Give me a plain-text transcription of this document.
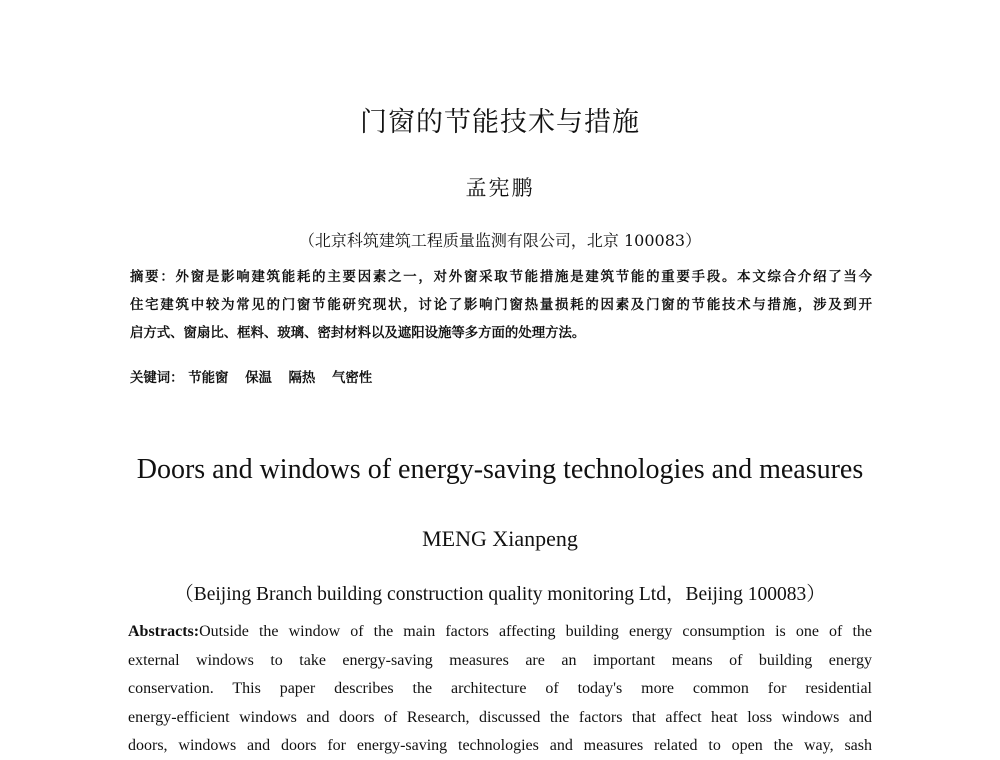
门窗的节能技术与措施
孟宪鹏
（北京科筑建筑工程质量监测有限公司，北京 100083）
摘要：外窗是影响建筑能耗的主要因素之一，对外窗采取节能措施是建筑节能的重要手段。本文综合介绍了当今
住宅建筑中较为常见的门窗节能研究现状，讨论了影响门窗热量损耗的因素及门窗的节能技术与措施，涉及到开
启方式、窗扇比、框料、玻璃、密封材料以及遮阳设施等多方面的处理方法。
关键词： 节能窗 保温 隔热 气密性
Doors and windows of energy-saving technologies and measures
MENG Xianpeng
（Beijing Branch building construction quality monitoring Ltd，Beijing 100083）
Abstracts:Outside the window of the main factors affecting building energy consumption is one of the
external windows to take energy-saving measures are an important means of building energy
conservation. This paper describes the architecture of today's more common for residential
energy-efficient windows and doors of Research, discussed the factors that affect heat loss windows and
doors, windows and doors for energy-saving technologies and measures related to open the way, sash
